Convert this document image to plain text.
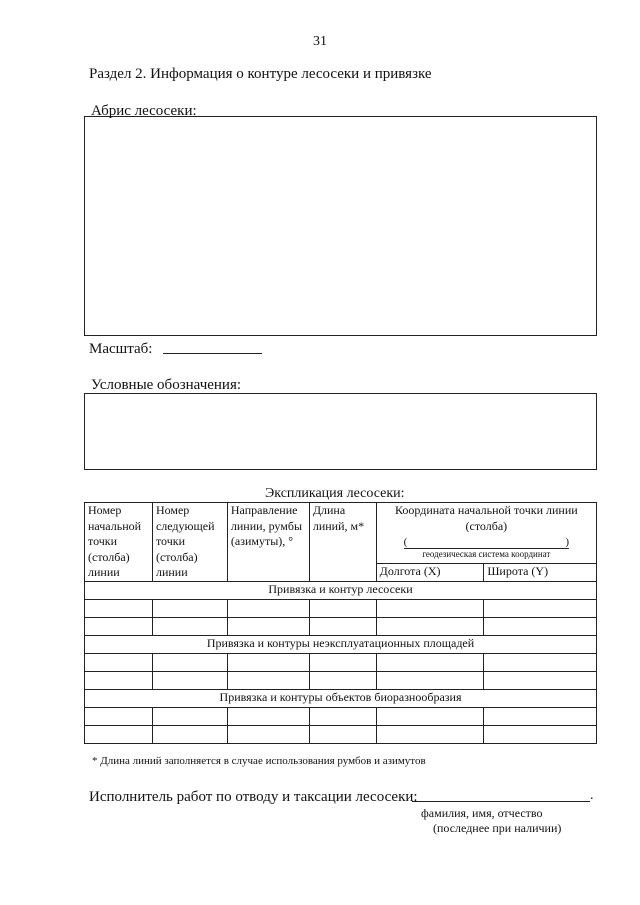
31
Раздел 2. Информация о контуре лесосеки и привязке
Абрис лесосеки:
Масштаб:
Условные обозначения:
Экспликация лесосеки:
Номер начальной точки (столба) линии	Номер следующей точки (столба) линии	Направление линии, румбы (азимуты), °	Длина линий, м*	Координата начальной точки линии (столба)
( )
геодезическая система координат	

				Долгота (X)	Широта (Y)
Привязка и контур лесосеки					

Привязка и контуры неэксплуатационных площадей					

Привязка и контуры объектов биоразнообразия					

* Длина линий заполняется в случае использования румбов и азимутов
Исполнитель работ по отводу и таксации лесосеки:	.
фамилия, имя, отчество
(последнее при наличии)
